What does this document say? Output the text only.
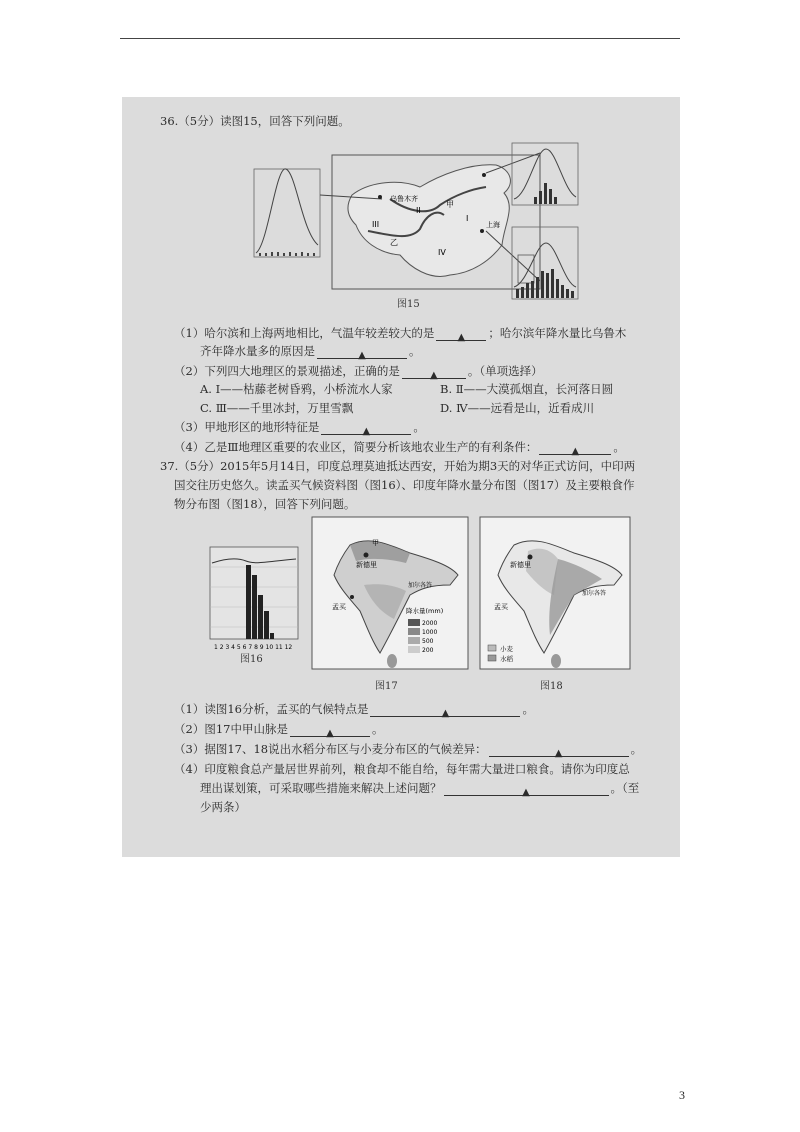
36.（5分）读图15，回答下列问题。
乌鲁木齐
上海
甲
乙
I
II
III
IV
图15
（1）哈尔滨和上海两地相比，气温年较差较大的是 ▲ ；哈尔滨年降水量比乌鲁木
齐年降水量多的原因是	▲	。
（2）下列四大地理区的景观描述，正确的是	▲	。（单项选择）
A. Ⅰ——枯藤老树昏鸦，小桥流水人家	B. Ⅱ——大漠孤烟直，长河落日圆
C. Ⅲ——千里冰封，万里雪飘	D. Ⅳ——远看是山，近看成川
（3）甲地形区的地形特征是	▲	。
（4）乙是Ⅲ地理区重要的农业区，简要分析该地农业生产的有利条件：	▲	。
37.（5分）2015年5月14日，印度总理莫迪抵达西安，开始为期3天的对华正式访问，中印两
国交往历史悠久。读孟买气候资料图（图16）、印度年降水量分布图（图17）及主要粮食作
物分布图（图18），回答下列问题。
1 2 3 4 5 6 7 8 9 10 11 12
图16
甲
新德里
孟买
加尔各答
降水量(mm)
2000
1000
500
200
图17
新德里
孟买
加尔各答
小麦
水稻
图18
（1）读图16分析，孟买的气候特点是	▲	。
（2）图17中甲山脉是	▲	。
（3）据图17、18说出水稻分布区与小麦分布区的气候差异：	▲	。
（4）印度粮食总产量居世界前列，粮食却不能自给，每年需大量进口粮食。请你为印度总
理出谋划策，可采取哪些措施来解决上述问题？	▲	。（至
少两条）
3
